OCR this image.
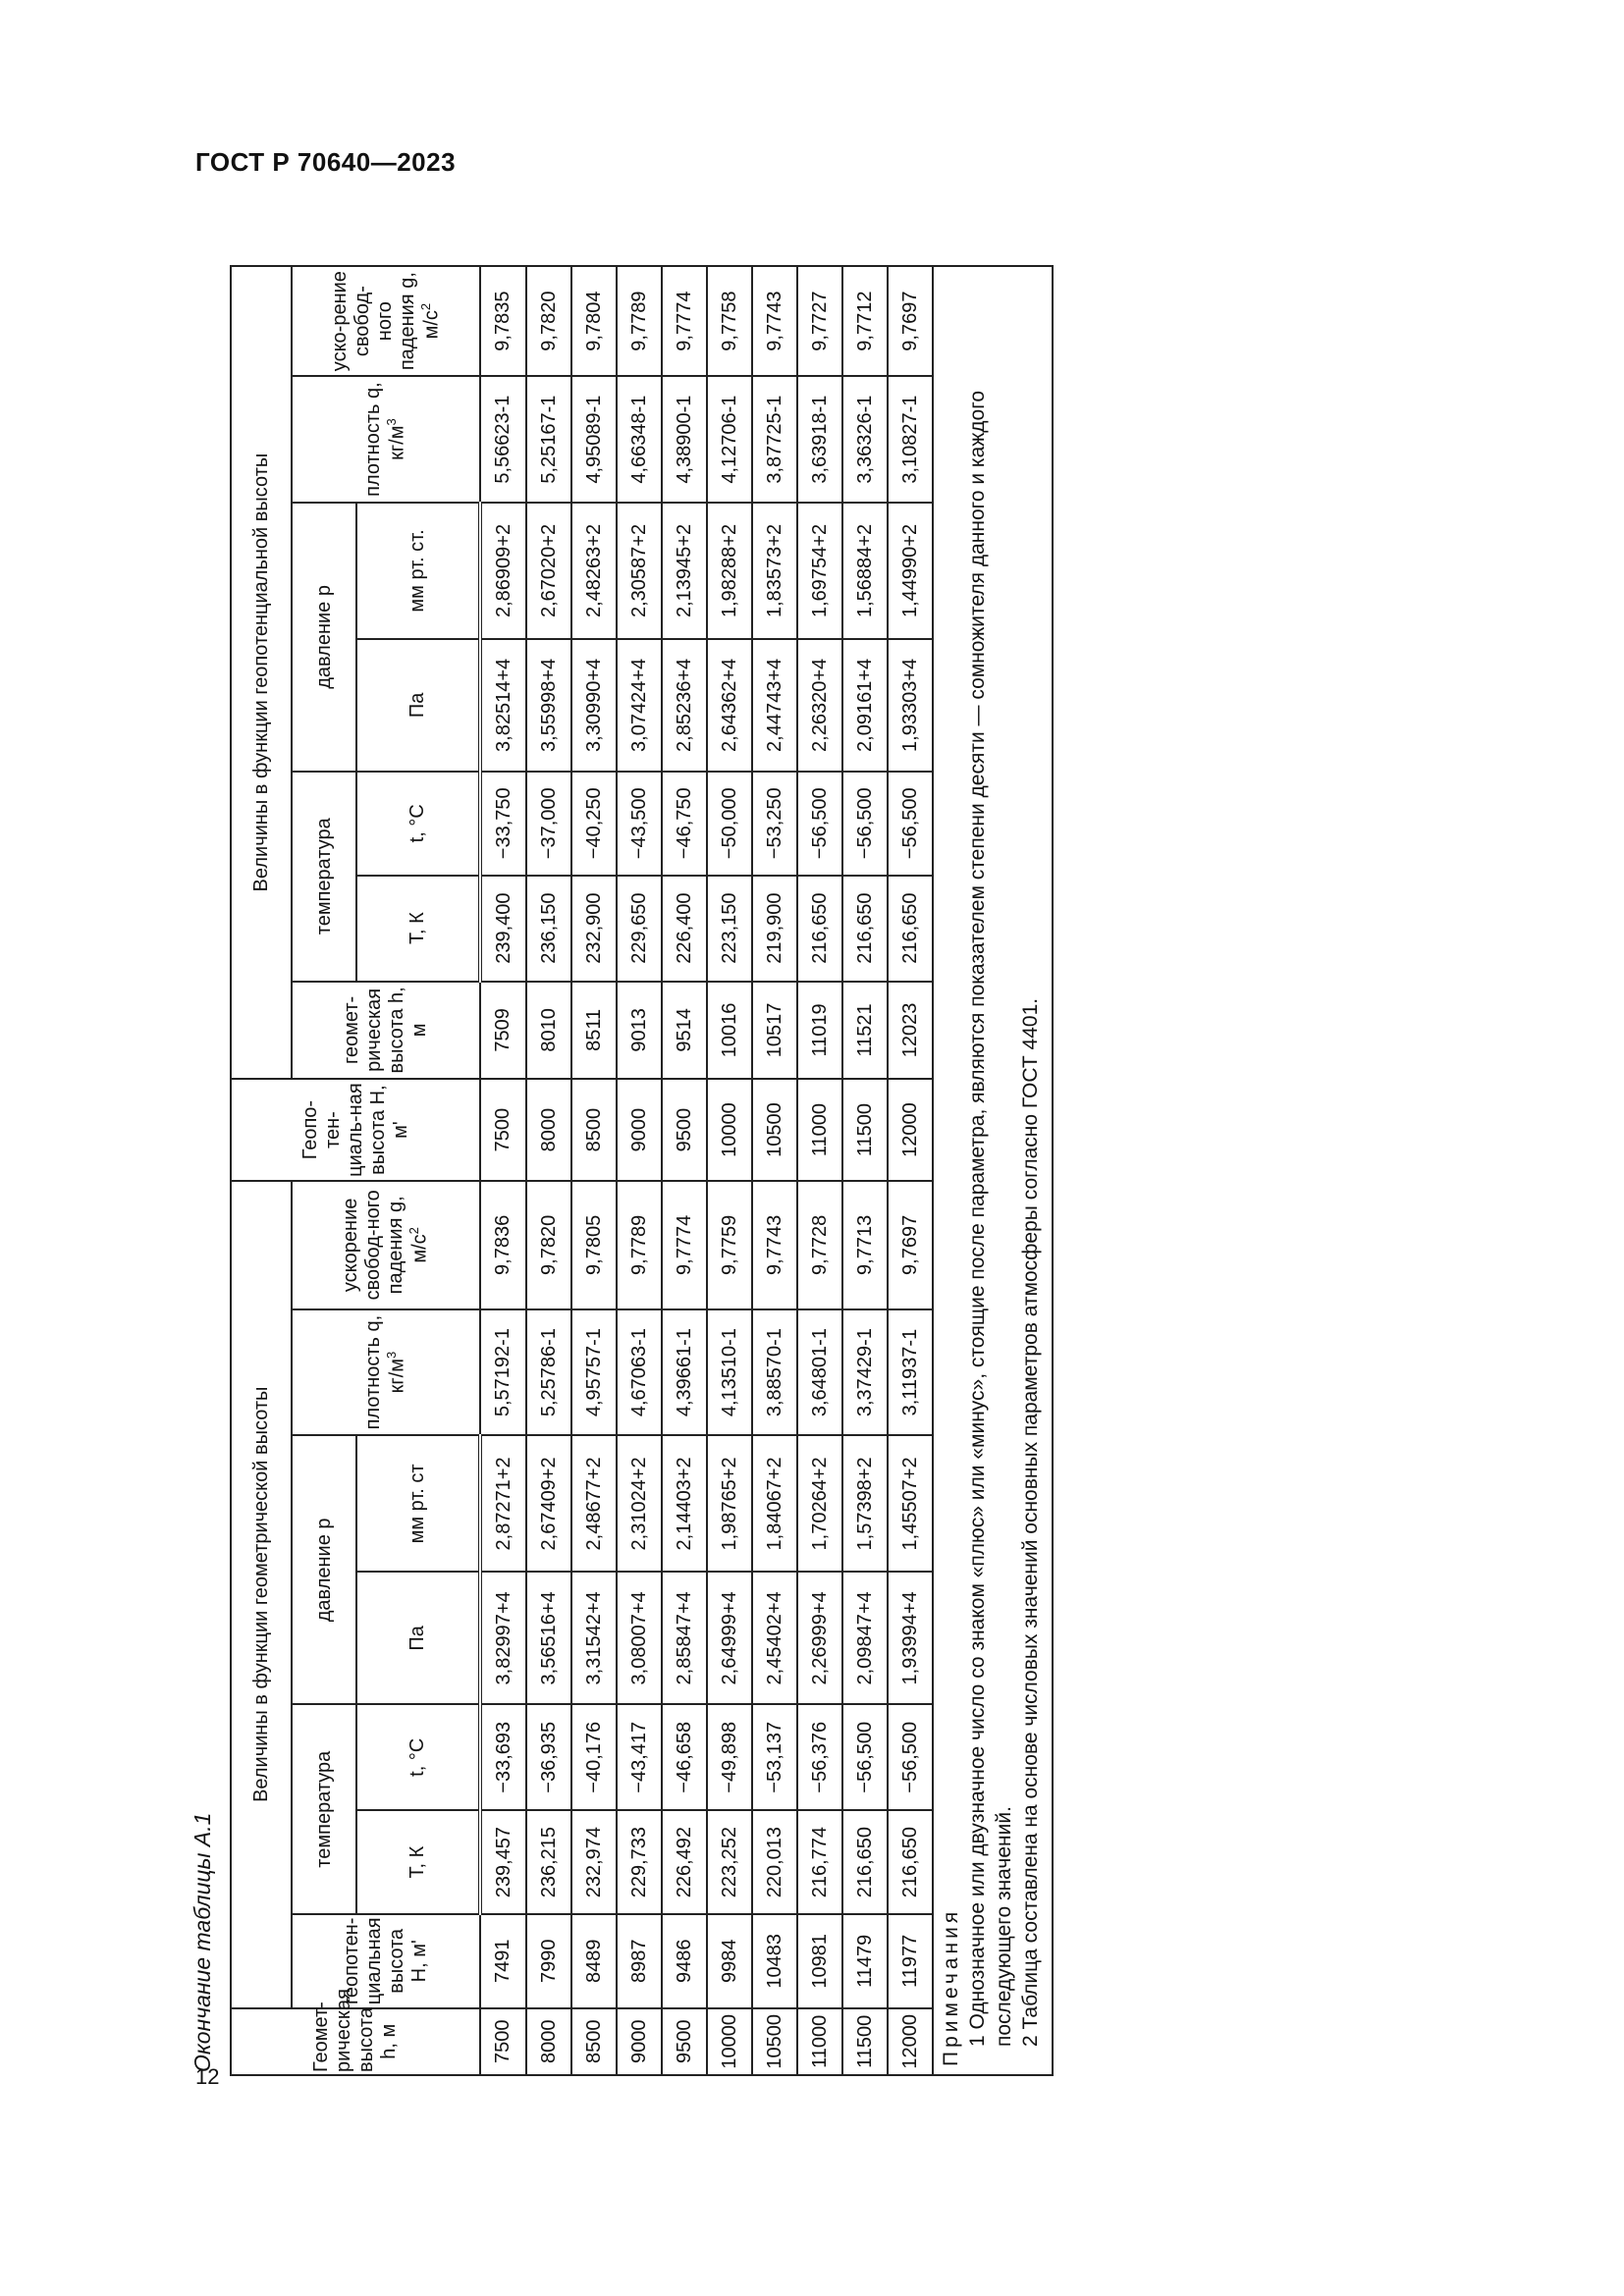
ГОСТ Р 70640—2023
12
Окончание таблицы А.1	Геомет-рическая высота h, м	Величины в функции геометрической высоты							Геопо-тен-циаль-ная высота H, м'	Величины в функции геопотенциальной высоты						
	геопотен-циальная высота H, м'	температура		давление p		плотность q, $кг/м^3$	ускорение свобод-ного падения g, $м/с^2$		геомет-рическая высота h, м	температура		давление p		плотность q, $кг/м^3$	уско-рение свобод-ного падения g, $м/с^2$
		T, К	t, °C	Па	мм рт. ст					T, К	t, °C	Па	мм рт. ст.		
7500	7491	239,457	−33,693	3,82997+4	2,87271+2	5,57192-1	9,7836	7500	7509	239,400	−33,750	3,82514+4	2,86909+2	5,56623-1	9,7835
8000	7990	236,215	−36,935	3,56516+4	2,67409+2	5,25786-1	9,7820	8000	8010	236,150	−37,000	3,55998+4	2,67020+2	5,25167-1	9,7820
8500	8489	232,974	−40,176	3,31542+4	2,48677+2	4,95757-1	9,7805	8500	8511	232,900	−40,250	3,30990+4	2,48263+2	4,95089-1	9,7804
9000	8987	229,733	−43,417	3,08007+4	2,31024+2	4,67063-1	9,7789	9000	9013	229,650	−43,500	3,07424+4	2,30587+2	4,66348-1	9,7789
9500	9486	226,492	−46,658	2,85847+4	2,14403+2	4,39661-1	9,7774	9500	9514	226,400	−46,750	2,85236+4	2,13945+2	4,38900-1	9,7774
10000	9984	223,252	−49,898	2,64999+4	1,98765+2	4,13510-1	9,7759	10000	10016	223,150	−50,000	2,64362+4	1,98288+2	4,12706-1	9,7758
10500	10483	220,013	−53,137	2,45402+4	1,84067+2	3,88570-1	9,7743	10500	10517	219,900	−53,250	2,44743+4	1,83573+2	3,87725-1	9,7743
11000	10981	216,774	−56,376	2,26999+4	1,70264+2	3,64801-1	9,7728	11000	11019	216,650	−56,500	2,26320+4	1,69754+2	3,63918-1	9,7727
11500	11479	216,650	−56,500	2,09847+4	1,57398+2	3,37429-1	9,7713	11500	11521	216,650	−56,500	2,09161+4	1,56884+2	3,36326-1	9,7712
12000	11977	216,650	−56,500	1,93994+4	1,45507+2	3,11937-1	9,7697	12000	12023	216,650	−56,500	1,93303+4	1,44990+2	3,10827-1	9,7697

Примечания 1 Однозначное или двузначное число со знаком «плюс» или «минус», стоящие после параметра, являются показателем степени десяти — сомножителя данного и каждого последующего значений. 2 Таблица составлена на основе числовых значений основных параметров атмосферы согласно ГОСТ 4401.
